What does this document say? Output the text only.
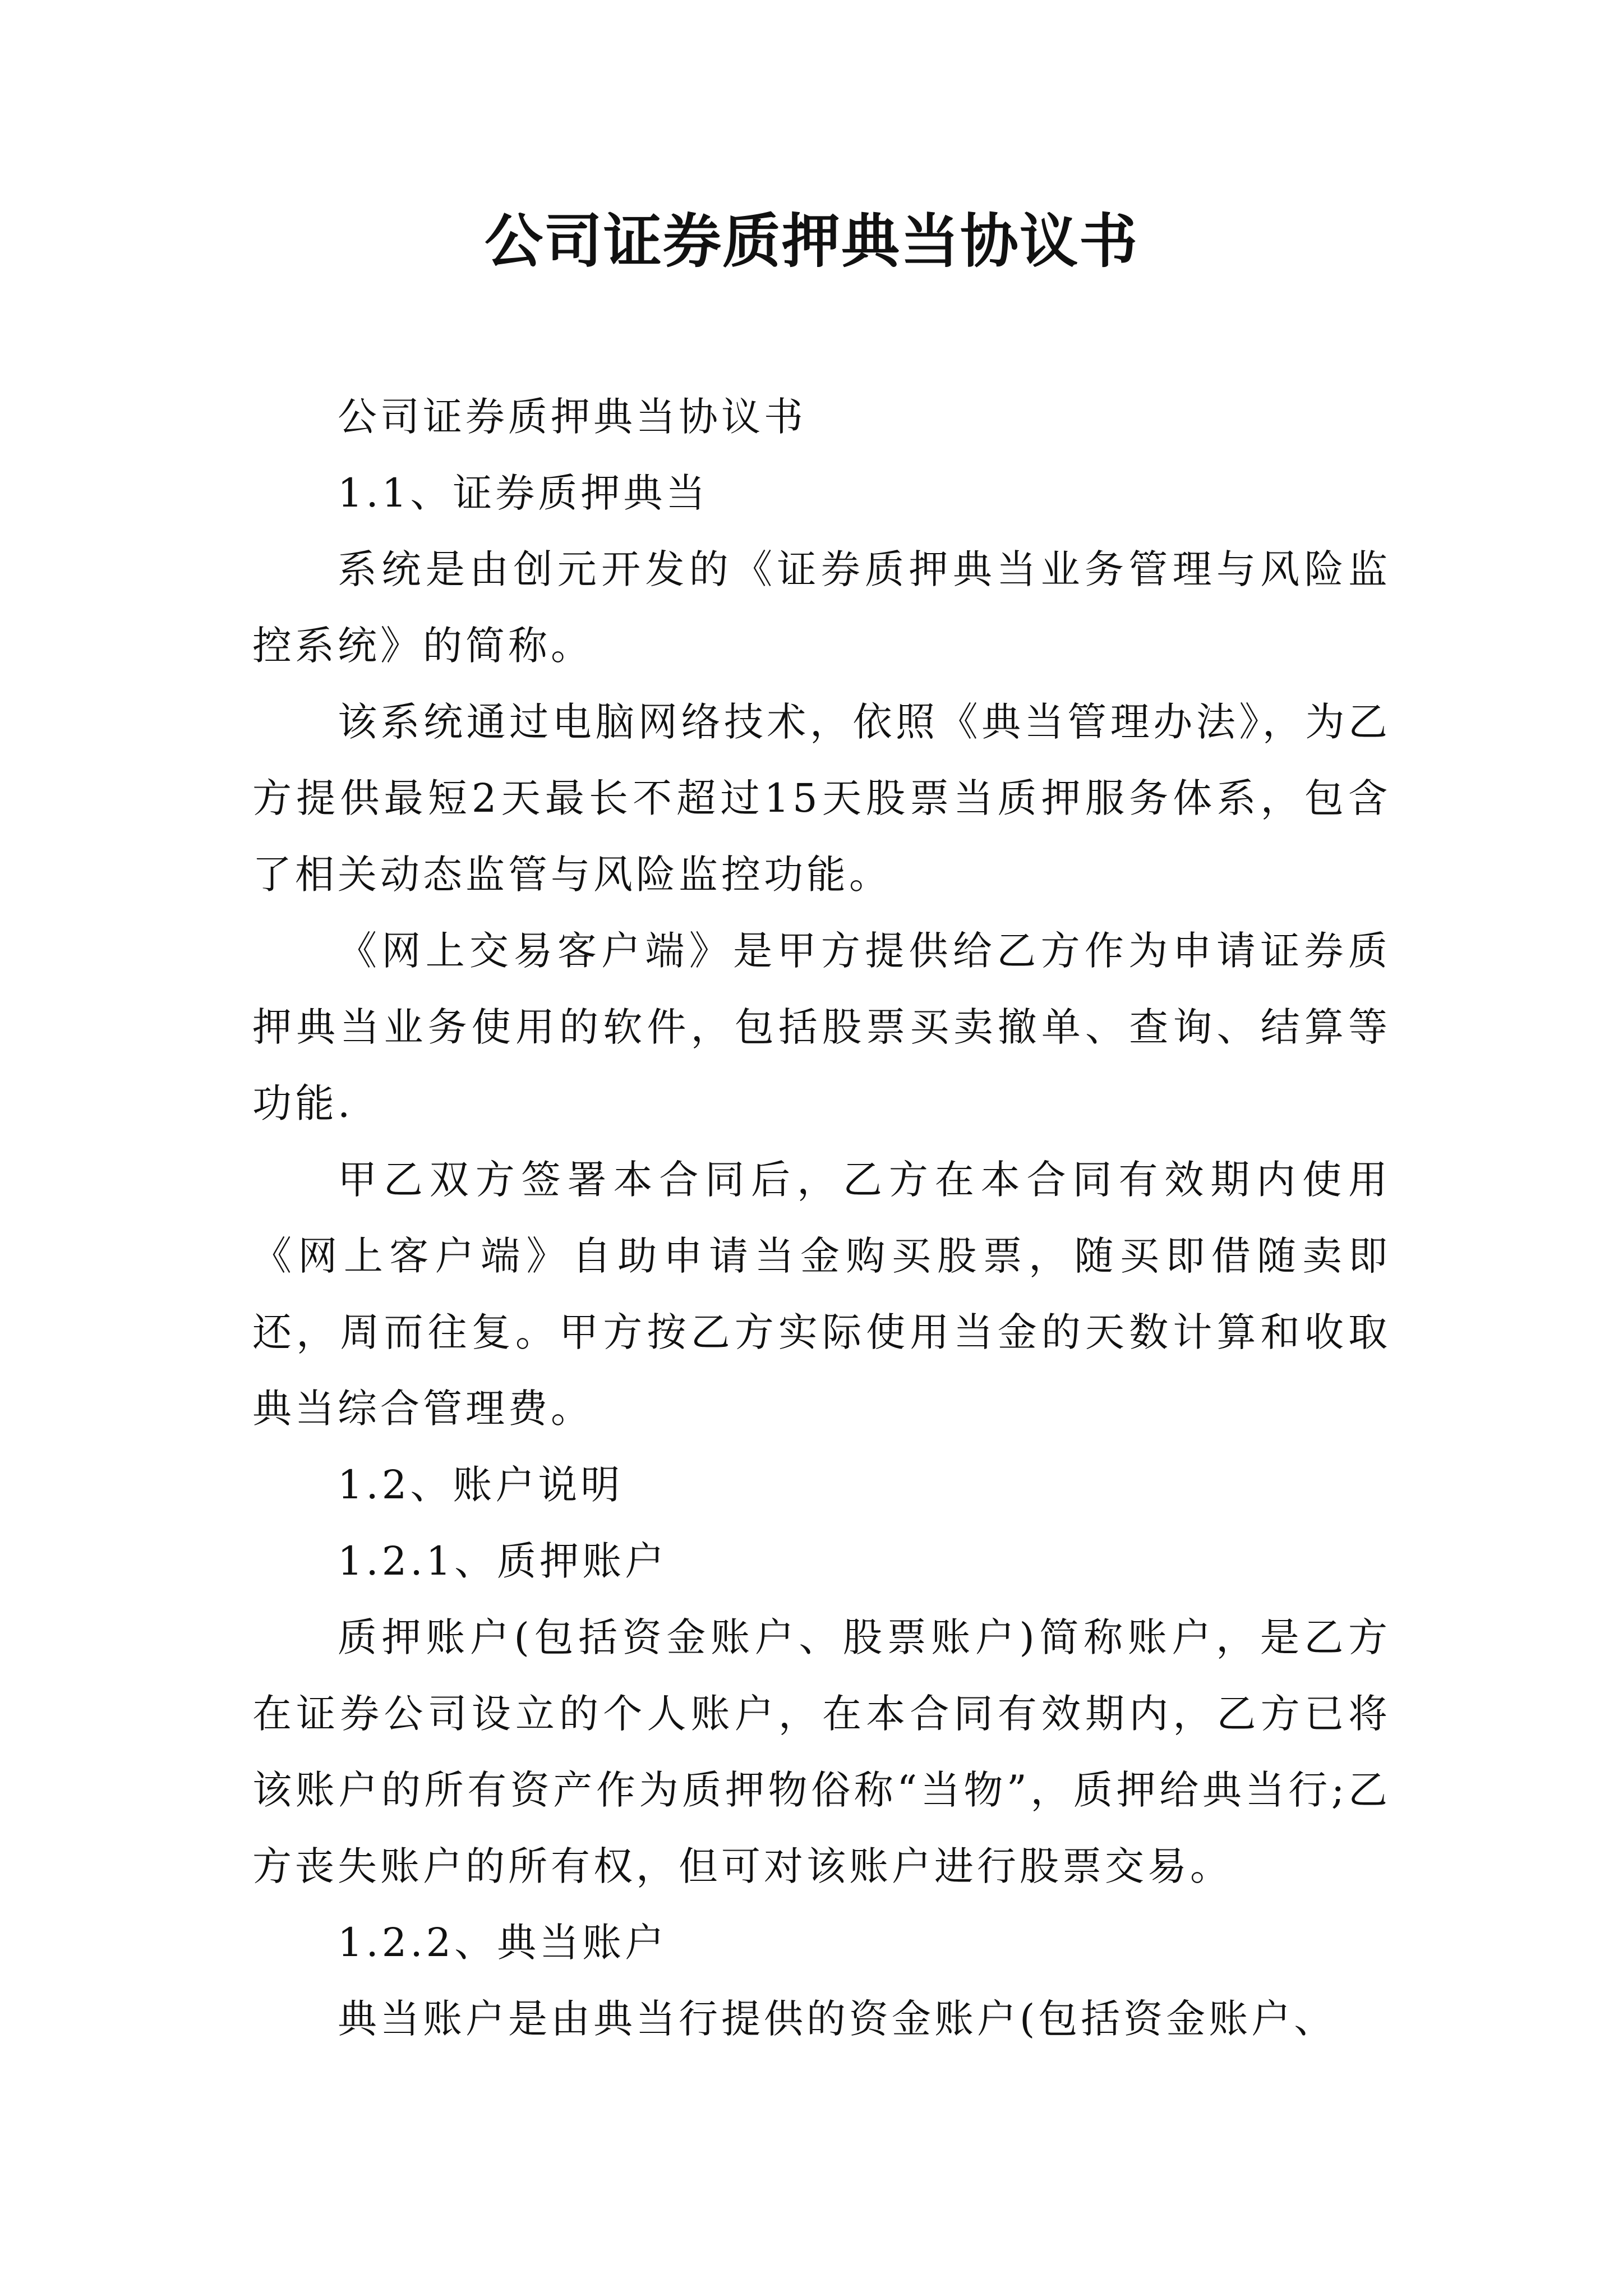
公司证券质押典当协议书

公司证券质押典当协议书

1.1、证券质押典当

系统是由创元开发的《证券质押典当业务管理与风险监控系统》的简称。

该系统通过电脑网络技术，依照《典当管理办法》，为乙方提供最短2天最长不超过15天股票当质押服务体系，包含了相关动态监管与风险监控功能。

《网上交易客户端》是甲方提供给乙方作为申请证券质押典当业务使用的软件，包括股票买卖撤单、查询、结算等功能.

甲乙双方签署本合同后，乙方在本合同有效期内使用《网上客户端》自助申请当金购买股票，随买即借随卖即还，周而往复。甲方按乙方实际使用当金的天数计算和收取典当综合管理费。

1.2、账户说明

1.2.1、质押账户

质押账户(包括资金账户、股票账户)简称账户，是乙方在证券公司设立的个人账户，在本合同有效期内，乙方已将该账户的所有资产作为质押物俗称“当物”，质押给典当行;乙方丧失账户的所有权，但可对该账户进行股票交易。

1.2.2、典当账户

典当账户是由典当行提供的资金账户(包括资金账户、
